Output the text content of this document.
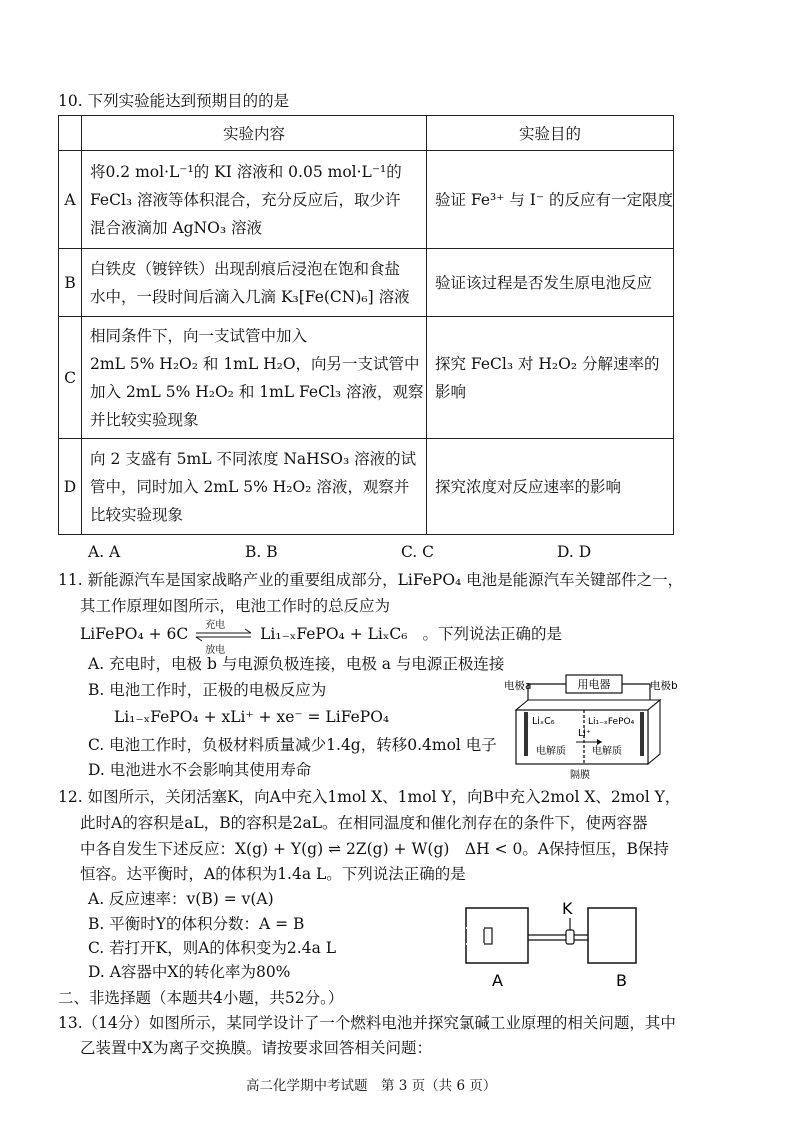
10. 下列实验能达到预期目的的是
	实验内容	实验目的
A	将0.2 mol·L⁻¹的 KI 溶液和 0.05 mol·L⁻¹的
FeCl₃ 溶液等体积混合，充分反应后，取少许
混合液滴加 AgNO₃ 溶液	验证 Fe³⁺ 与 I⁻ 的反应有一定限度

B	白铁皮（镀锌铁）出现刮痕后浸泡在饱和食盐
水中，一段时间后滴入几滴 K₃[Fe(CN)₆] 溶液	验证该过程是否发生原电池反应

C	相同条件下，向一支试管中加入
2mL 5% H₂O₂ 和 1mL H₂O，向另一支试管中
加入 2mL 5% H₂O₂ 和 1mL FeCl₃ 溶液，观察
并比较实验现象	探究 FeCl₃ 对 H₂O₂ 分解速率的
影响

D	向 2 支盛有 5mL 不同浓度 NaHSO₃ 溶液的试
管中，同时加入 2mL 5% H₂O₂ 溶液，观察并
比较实验现象	探究浓度对反应速率的影响
A. A	B. B	C. C	D. D
11. 新能源汽车是国家战略产业的重要组成部分，LiFePO₄ 电池是能源汽车关键部件之一，
其工作原理如图所示，电池工作时的总反应为
LiFePO₄ + 6C 充电
放电
Li₁₋ₓFePO₄ + LiₓC₆ 。下列说法正确的是
A. 充电时，电极 b 与电源负极连接，电极 a 与电源正极连接
B. 电池工作时，正极的电极反应为
Li₁₋ₓFePO₄ + xLi⁺ + xe⁻ = LiFePO₄
C. 电池工作时，负极材料质量减少1.4g，转移0.4mol 电子
D. 电池进水不会影响其使用寿命
用电器
电极a	电极b
LiₓC₆	Li₁₋ₓFePO₄
Li⁺
电解质	电解质
隔膜
12. 如图所示，关闭活塞K，向A中充入1mol X、1mol Y，向B中充入2mol X、2mol Y，
此时A的容积是aL，B的容积是2aL。在相同温度和催化剂存在的条件下，使两容器
中各自发生下述反应：X(g) + Y(g) ⇌ 2Z(g) + W(g)　ΔH < 0。A保持恒压，B保持
恒容。达平衡时，A的体积为1.4a L。下列说法正确的是
A. 反应速率：v(B) = v(A)
B. 平衡时Y的体积分数：A = B
C. 若打开K，则A的体积变为2.4a L
D. A容器中X的转化率为80%
K
A	B
二、非选择题（本题共4小题，共52分。）
13.（14分）如图所示，某同学设计了一个燃料电池并探究氯碱工业原理的相关问题，其中
乙装置中X为离子交换膜。请按要求回答相关问题：
高二化学期中考试题　第 3 页（共 6 页）
